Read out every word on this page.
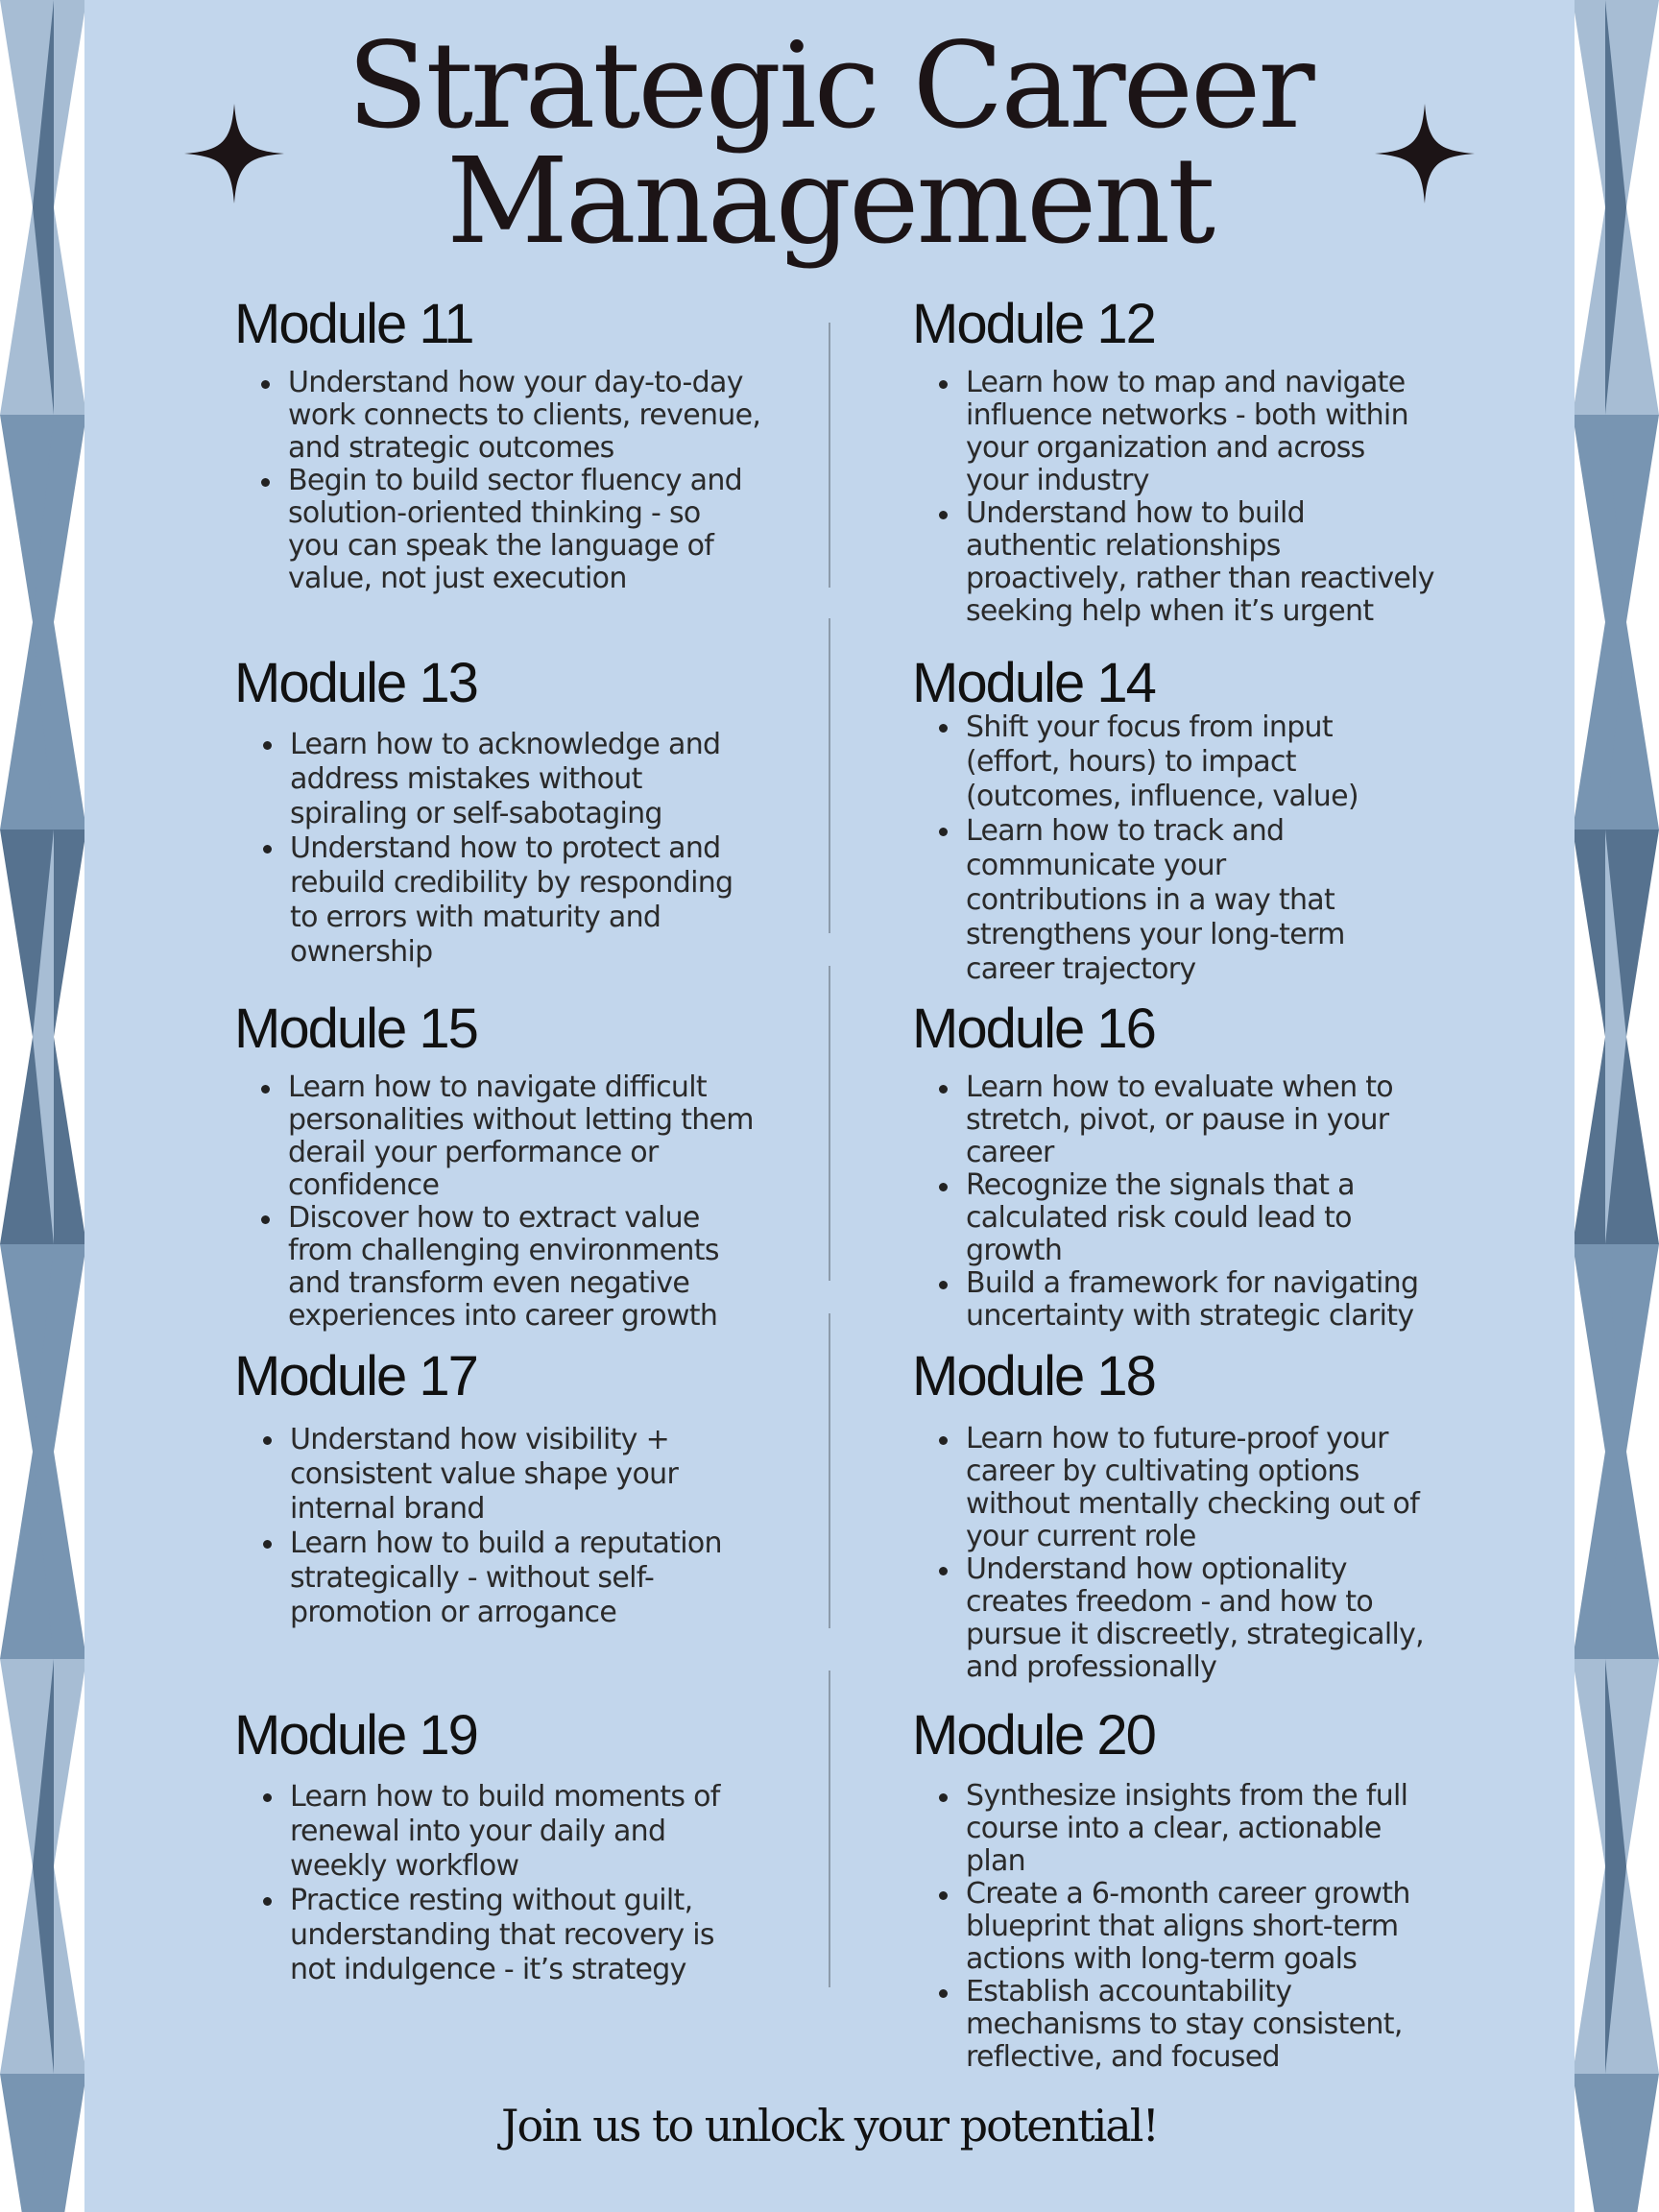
Strategic Career
Management
Module 11
Understand how your day-to-day
work connects to clients, revenue,
and strategic outcomes
Begin to build sector fluency and
solution-oriented thinking - so
you can speak the language of
value, not just execution
Module 12
Learn how to map and navigate
influence networks - both within
your organization and across
your industry
Understand how to build
authentic relationships
proactively, rather than reactively
seeking help when it’s urgent
Module 13
Learn how to acknowledge and
address mistakes without
spiraling or self-sabotaging
Understand how to protect and
rebuild credibility by responding
to errors with maturity and
ownership
Module 14
Shift your focus from input
(effort, hours) to impact
(outcomes, influence, value)
Learn how to track and
communicate your
contributions in a way that
strengthens your long-term
career trajectory
Module 15
Learn how to navigate difficult
personalities without letting them
derail your performance or
confidence
Discover how to extract value
from challenging environments
and transform even negative
experiences into career growth
Module 16
Learn how to evaluate when to
stretch, pivot, or pause in your
career
Recognize the signals that a
calculated risk could lead to
growth
Build a framework for navigating
uncertainty with strategic clarity
Module 17
Understand how visibility +
consistent value shape your
internal brand
Learn how to build a reputation
strategically - without self-
promotion or arrogance
Module 18
Learn how to future-proof your
career by cultivating options
without mentally checking out of
your current role
Understand how optionality
creates freedom - and how to
pursue it discreetly, strategically,
and professionally
Module 19
Learn how to build moments of
renewal into your daily and
weekly workflow
Practice resting without guilt,
understanding that recovery is
not indulgence - it’s strategy
Module 20
Synthesize insights from the full
course into a clear, actionable
plan
Create a 6-month career growth
blueprint that aligns short-term
actions with long-term goals
Establish accountability
mechanisms to stay consistent,
reflective, and focused
Join us to unlock your potential!
